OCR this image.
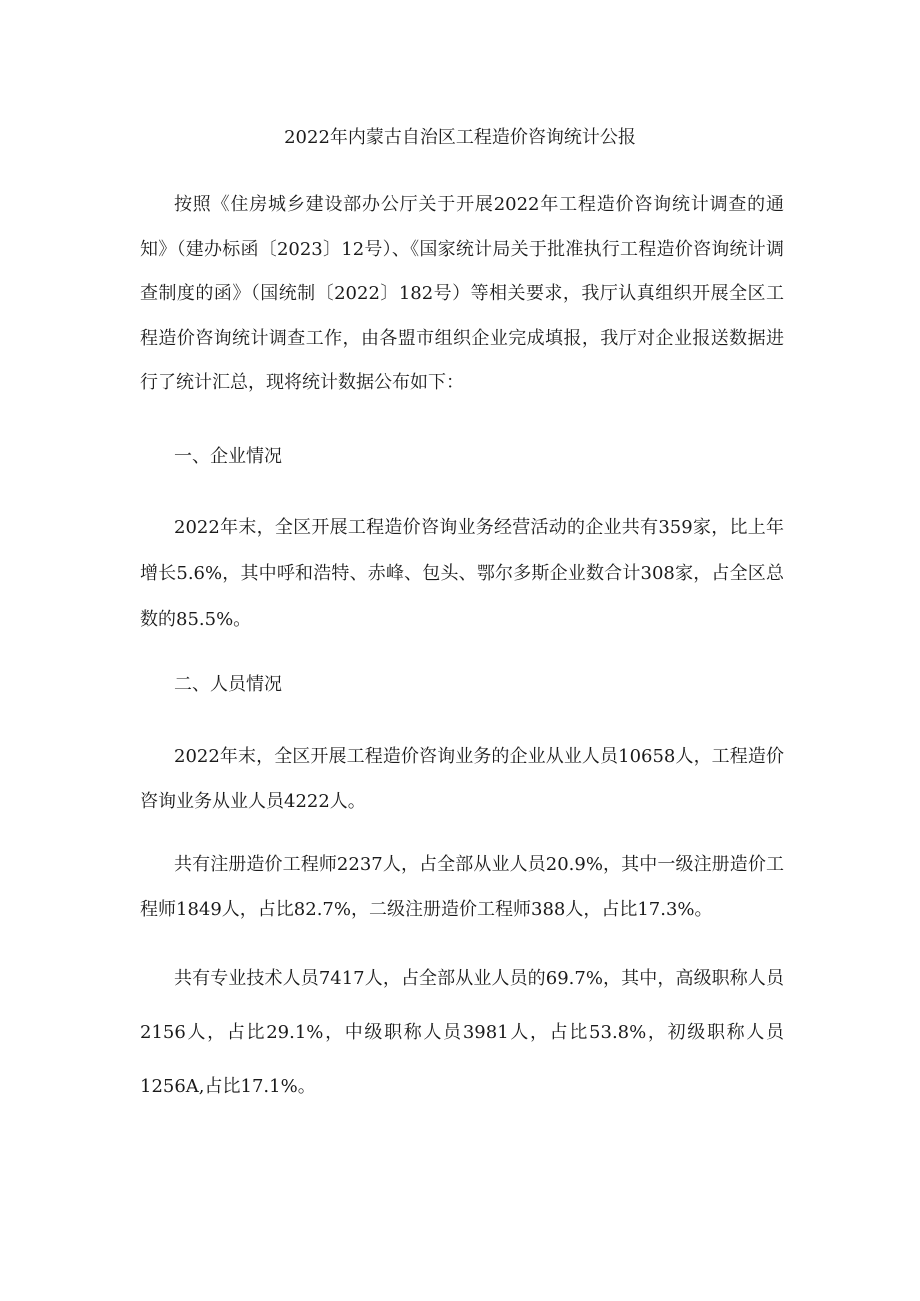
2022年内蒙古自治区工程造价咨询统计公报

按照《住房城乡建设部办公厅关于开展2022年工程造价咨询统计调查的通知》（建办标函〔2023〕12号）、《国家统计局关于批准执行工程造价咨询统计调查制度的函》（国统制〔2022〕182号）等相关要求，我厅认真组织开展全区工程造价咨询统计调查工作，由各盟市组织企业完成填报，我厅对企业报送数据进行了统计汇总，现将统计数据公布如下：

一、企业情况

2022年末，全区开展工程造价咨询业务经营活动的企业共有359家，比上年增长5.6%，其中呼和浩特、赤峰、包头、鄂尔多斯企业数合计308家，占全区总数的85.5%。

二、人员情况

2022年末，全区开展工程造价咨询业务的企业从业人员10658人，工程造价咨询业务从业人员4222人。

共有注册造价工程师2237人，占全部从业人员20.9%，其中一级注册造价工程师1849人，占比82.7%，二级注册造价工程师388人，占比17.3%。

共有专业技术人员7417人，占全部从业人员的69.7%，其中，高级职称人员2156人，占比29.1%，中级职称人员3981人，占比53.8%，初级职称人员1256A,占比17.1%。
